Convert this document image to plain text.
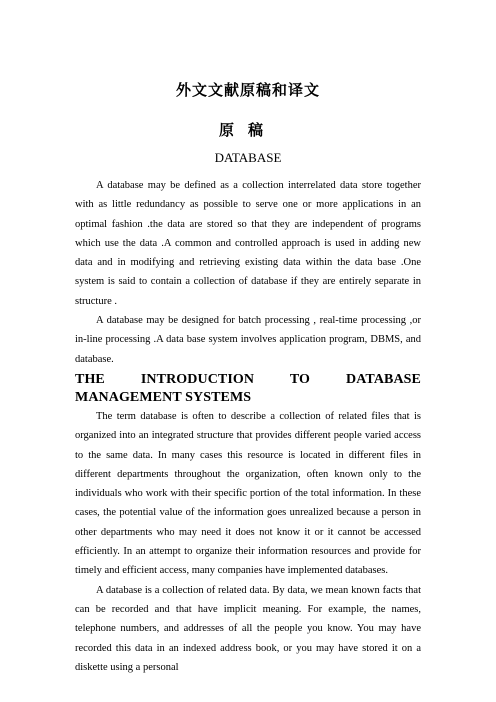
外文文献原稿和译文
原稿
DATABASE

A database may be defined as a collection interrelated data store together with as little redundancy as possible to serve one or more applications in an optimal fashion .the data are stored so that they are independent of programs which use the data .A common and controlled approach is used in adding new data and in modifying and retrieving existing data within the data base .One system is said to contain a collection of database if they are entirely separate in structure .

A database may be designed for batch processing , real-time processing ,or in-line processing .A data base system involves application program, DBMS, and database.

THE INTRODUCTION TO DATABASE MANAGEMENT SYSTEMS

The term database is often to describe a collection of related files that is organized into an integrated structure that provides different people varied access to the same data. In many cases this resource is located in different files in different departments throughout the organization, often known only to the individuals who work with their specific portion of the total information. In these cases, the potential value of the information goes unrealized because a person in other departments who may need it does not know it or it cannot be accessed efficiently. In an attempt to organize their information resources and provide for timely and efficient access, many companies have implemented databases.

A database is a collection of related data. By data, we mean known facts that can be recorded and that have implicit meaning. For example, the names, telephone numbers, and addresses of all the people you know. You may have recorded this data in an indexed address book, or you may have stored it on a diskette using a personal
